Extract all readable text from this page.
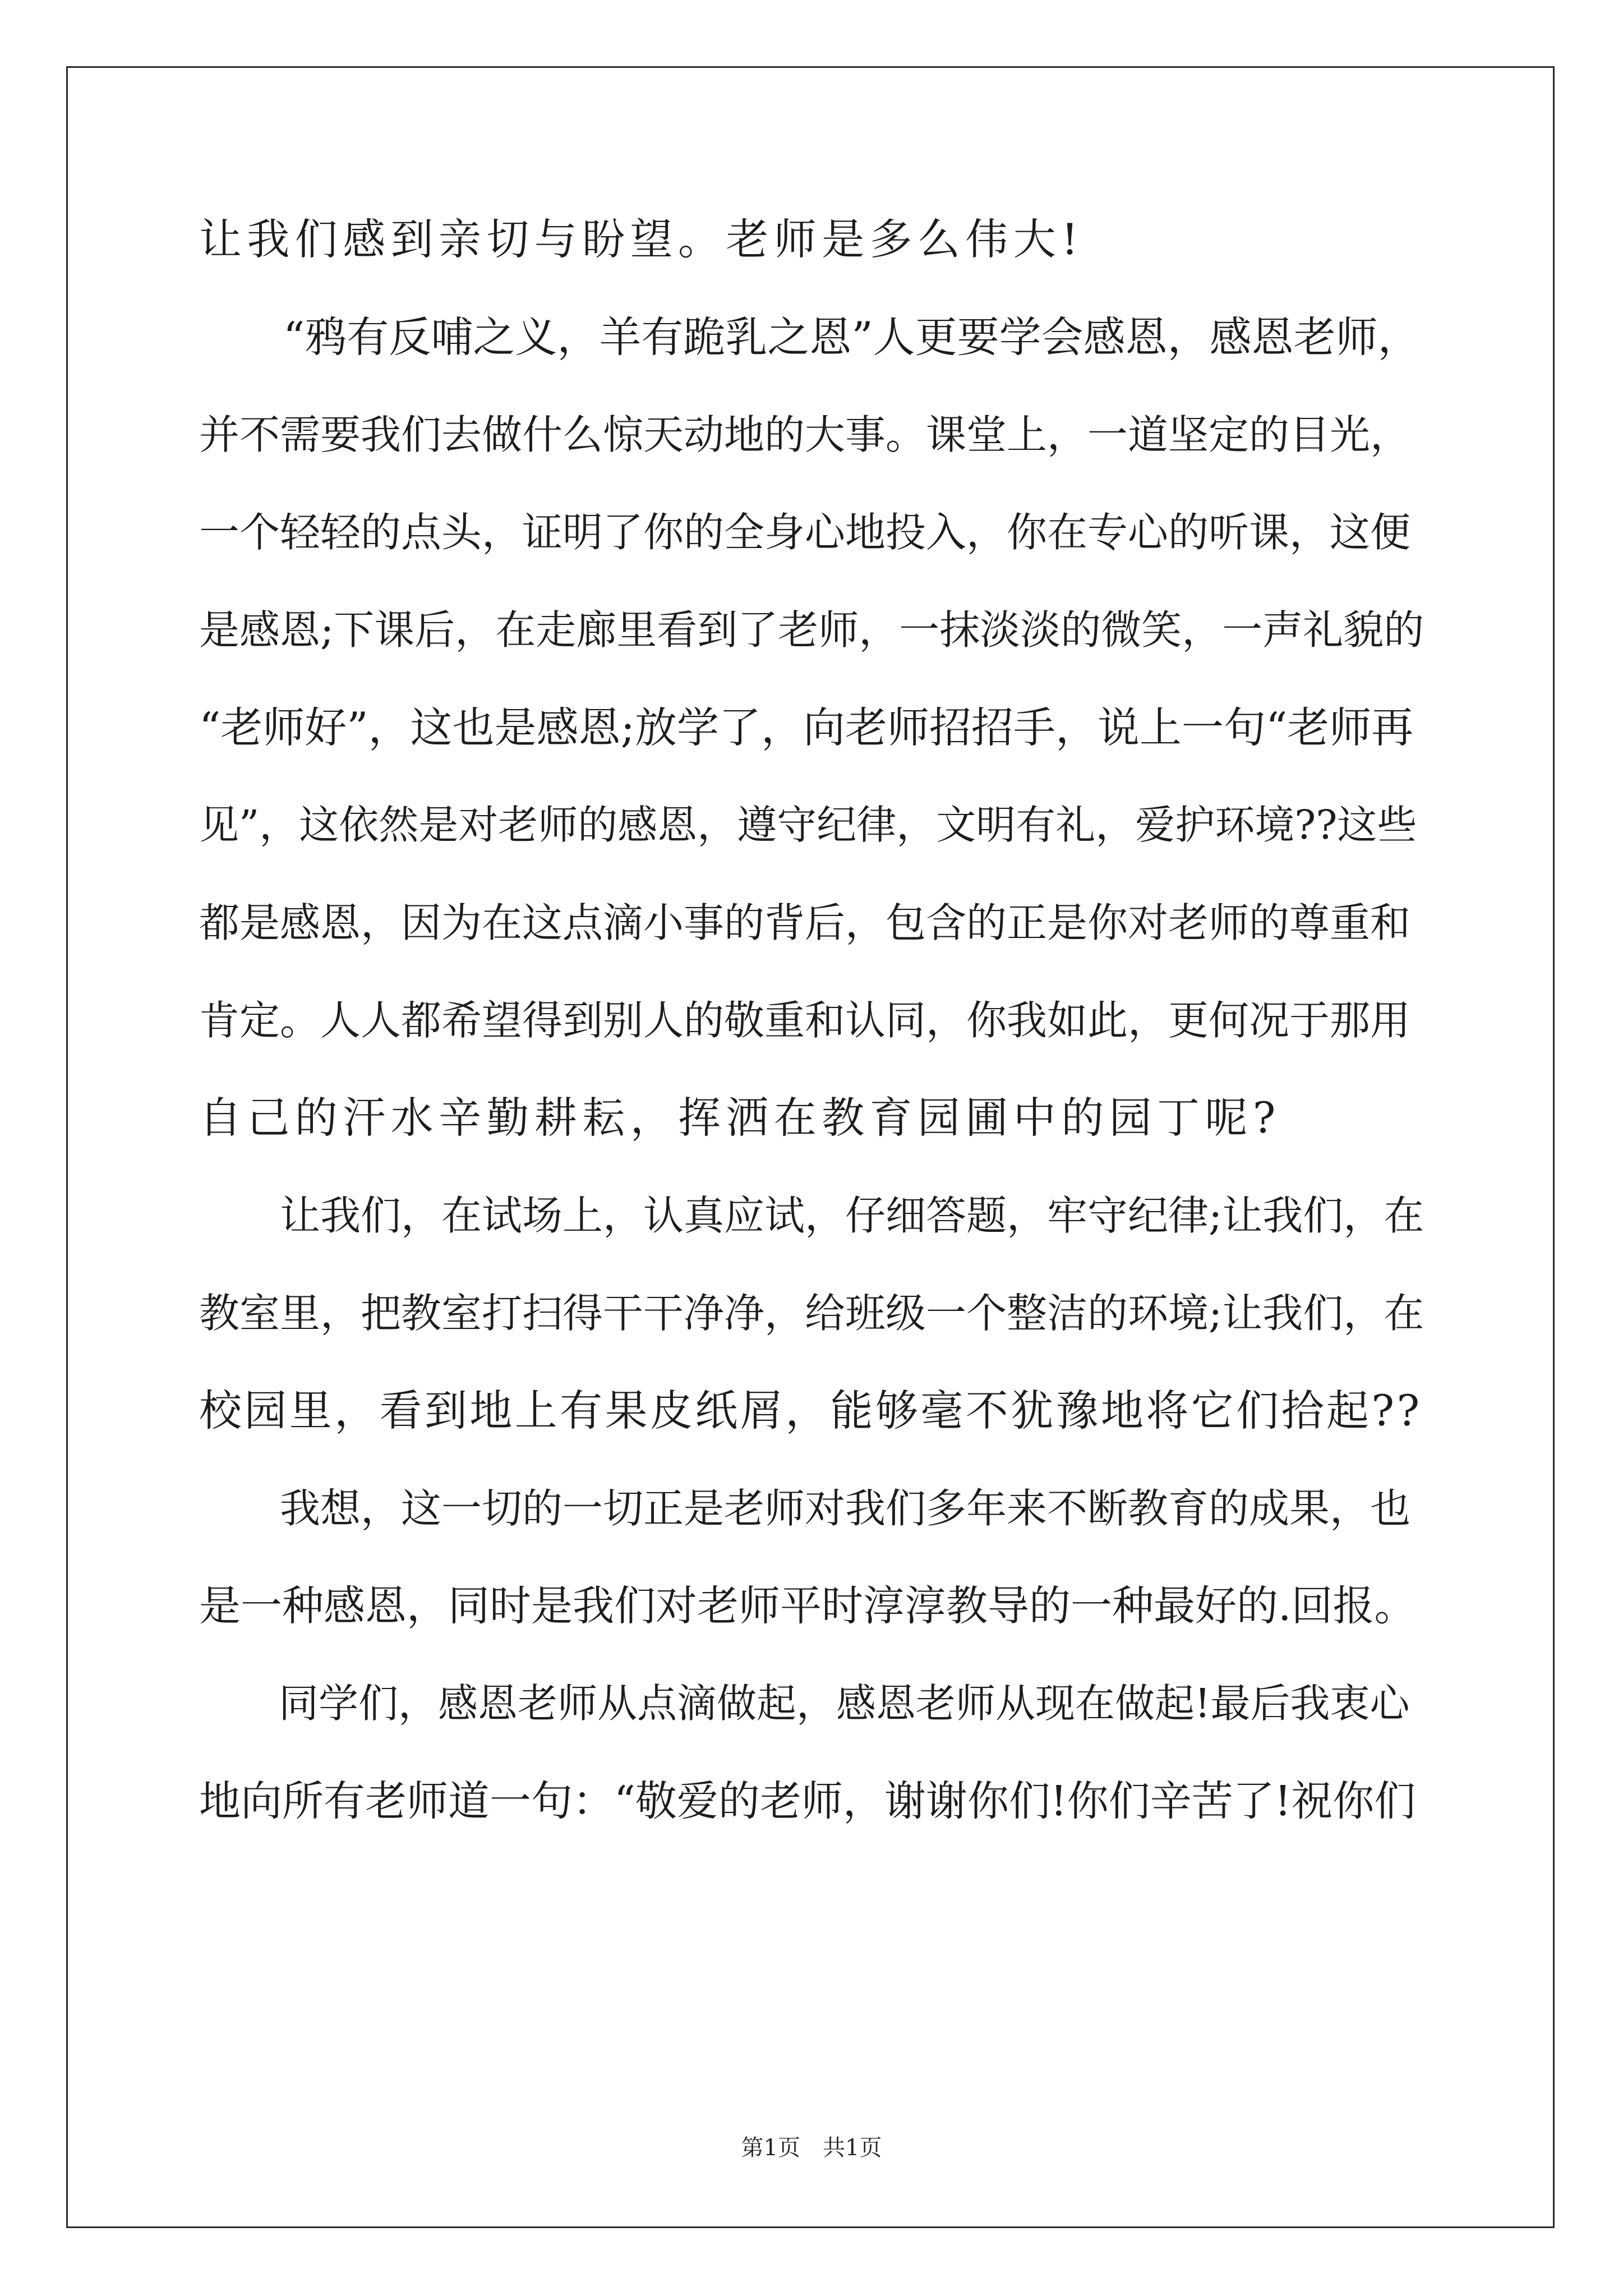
让我们感到亲切与盼望。老师是多么伟大!
　　“鸦有反哺之义，羊有跪乳之恩”人更要学会感恩，感恩老师，
并不需要我们去做什么惊天动地的大事。课堂上，一道坚定的目光，
一个轻轻的点头，证明了你的全身心地投入，你在专心的听课，这便
是感恩;下课后，在走廊里看到了老师，一抹淡淡的微笑，一声礼貌的
“老师好”，这也是感恩;放学了，向老师招招手，说上一句“老师再
见”，这依然是对老师的感恩，遵守纪律，文明有礼，爱护环境??这些
都是感恩，因为在这点滴小事的背后，包含的正是你对老师的尊重和
肯定。人人都希望得到别人的敬重和认同，你我如此，更何况于那用
自己的汗水辛勤耕耘，挥洒在教育园圃中的园丁呢?
　　让我们，在试场上，认真应试，仔细答题，牢守纪律;让我们，在
教室里，把教室打扫得干干净净，给班级一个整洁的环境;让我们，在
校园里，看到地上有果皮纸屑，能够毫不犹豫地将它们拾起??
　　我想，这一切的一切正是老师对我们多年来不断教育的成果，也
是一种感恩，同时是我们对老师平时淳淳教导的一种最好的.回报。
　　同学们，感恩老师从点滴做起，感恩老师从现在做起!最后我衷心
地向所有老师道一句：“敬爱的老师，谢谢你们!你们辛苦了!祝你们
第1页　共1页
